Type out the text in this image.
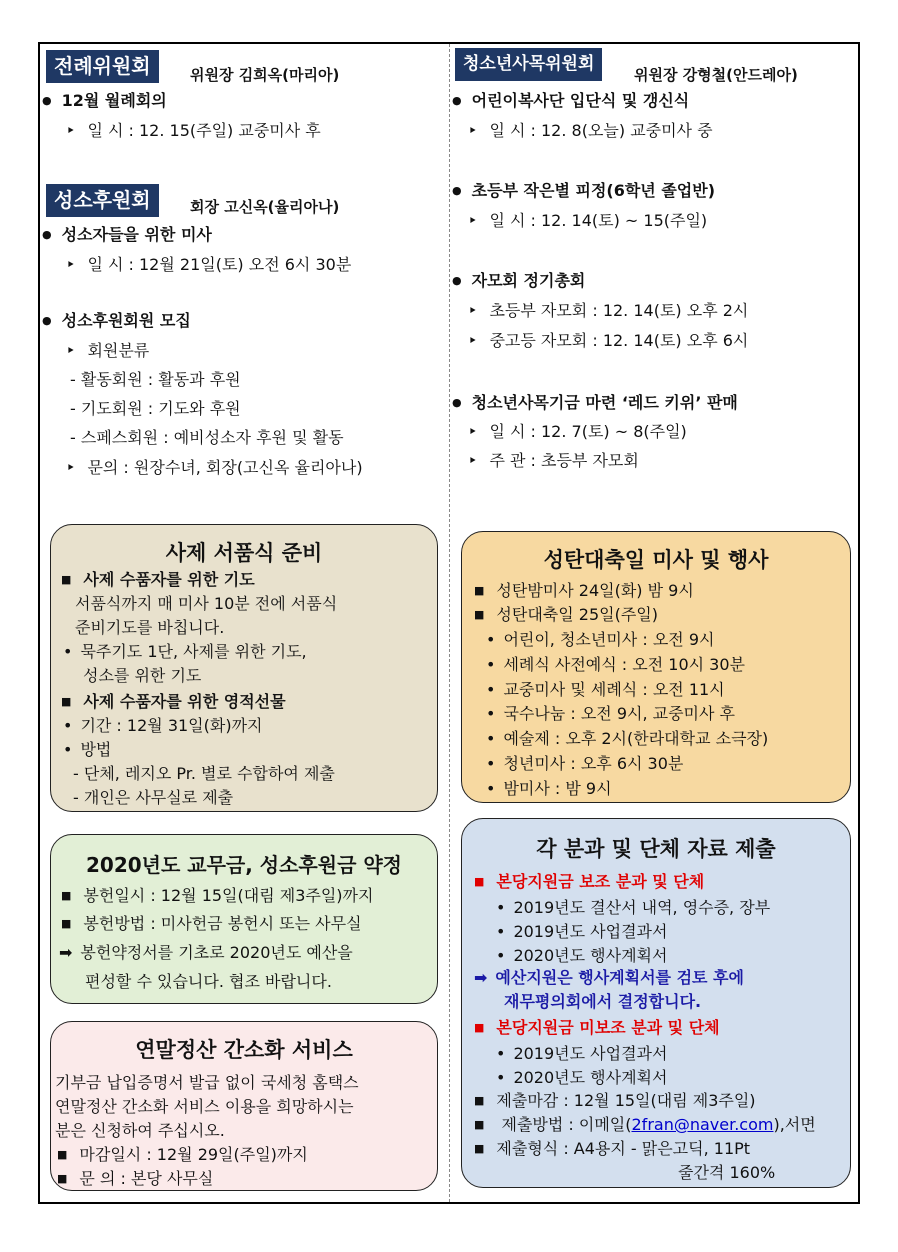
전례위원회	위원장 김희옥(마리아)
● 12월 월례회의
‣ 일 시 : 12. 15(주일) 교중미사 후
성소후원회	회장 고신옥(율리아나)
● 성소자들을 위한 미사
‣ 일 시 : 12월 21일(토) 오전 6시 30분
● 성소후원회원 모집
‣ 회원분류
- 활동회원 : 활동과 후원
- 기도회원 : 기도와 후원
- 스페스회원 : 예비성소자 후원 및 활동
‣ 문의 : 원장수녀, 회장(고신옥 율리아나)
청소년사목위원회
위원장 강형철(안드레아)
● 어린이복사단 입단식 및 갱신식
‣ 일 시 : 12. 8(오늘) 교중미사 중
● 초등부 작은별 피정(6학년 졸업반)
‣ 일 시 : 12. 14(토) ~ 15(주일)
● 자모회 정기총회
‣ 초등부 자모회 : 12. 14(토) 오후 2시
‣ 중고등 자모회 : 12. 14(토) 오후 6시
● 청소년사목기금 마련 ‘레드 키위’ 판매
‣ 일 시 : 12. 7(토) ~ 8(주일)
‣ 주 관 : 초등부 자모회
사제 서품식 준비
■ 사제 수품자를 위한 기도
서품식까지 매 미사 10분 전에 서품식
준비기도를 바칩니다.
• 묵주기도 1단, 사제를 위한 기도,
성소를 위한 기도
■ 사제 수품자를 위한 영적선물
• 기간 : 12월 31일(화)까지
• 방법
- 단체, 레지오 Pr. 별로 수합하여 제출
- 개인은 사무실로 제출
2020년도 교무금, 성소후원금 약정
■ 봉헌일시 : 12월 15일(대림 제3주일)까지
■ 봉헌방법 : 미사헌금 봉헌시 또는 사무실
➡ 봉헌약정서를 기초로 2020년도 예산을
편성할 수 있습니다. 협조 바랍니다.
연말정산 간소화 서비스
기부금 납입증명서 발급 없이 국세청 홈택스
연말정산 간소화 서비스 이용을 희망하시는
분은 신청하여 주십시오.
■ 마감일시 : 12월 29일(주일)까지
■ 문 의 : 본당 사무실
성탄대축일 미사 및 행사
■ 성탄밤미사 24일(화) 밤 9시
■ 성탄대축일 25일(주일)
• 어린이, 청소년미사 : 오전 9시
• 세례식 사전예식 : 오전 10시 30분
• 교중미사 및 세례식 : 오전 11시
• 국수나눔 : 오전 9시, 교중미사 후
• 예술제 : 오후 2시(한라대학교 소극장)
• 청년미사 : 오후 6시 30분
• 밤미사 : 밤 9시
각 분과 및 단체 자료 제출
■ 본당지원금 보조 분과 및 단체
• 2019년도 결산서 내역, 영수증, 장부
• 2019년도 사업결과서
• 2020년도 행사계획서
➡ 예산지원은 행사계획서를 검토 후에
재무평의회에서 결정합니다.
■ 본당지원금 미보조 분과 및 단체
• 2019년도 사업결과서
• 2020년도 행사계획서
■ 제출마감 : 12월 15일(대림 제3주일)
■ 제출방법 : 이메일(2fran@naver.com),서면
■ 제출형식 : A4용지 - 맑은고딕, 11Pt
줄간격 160%
